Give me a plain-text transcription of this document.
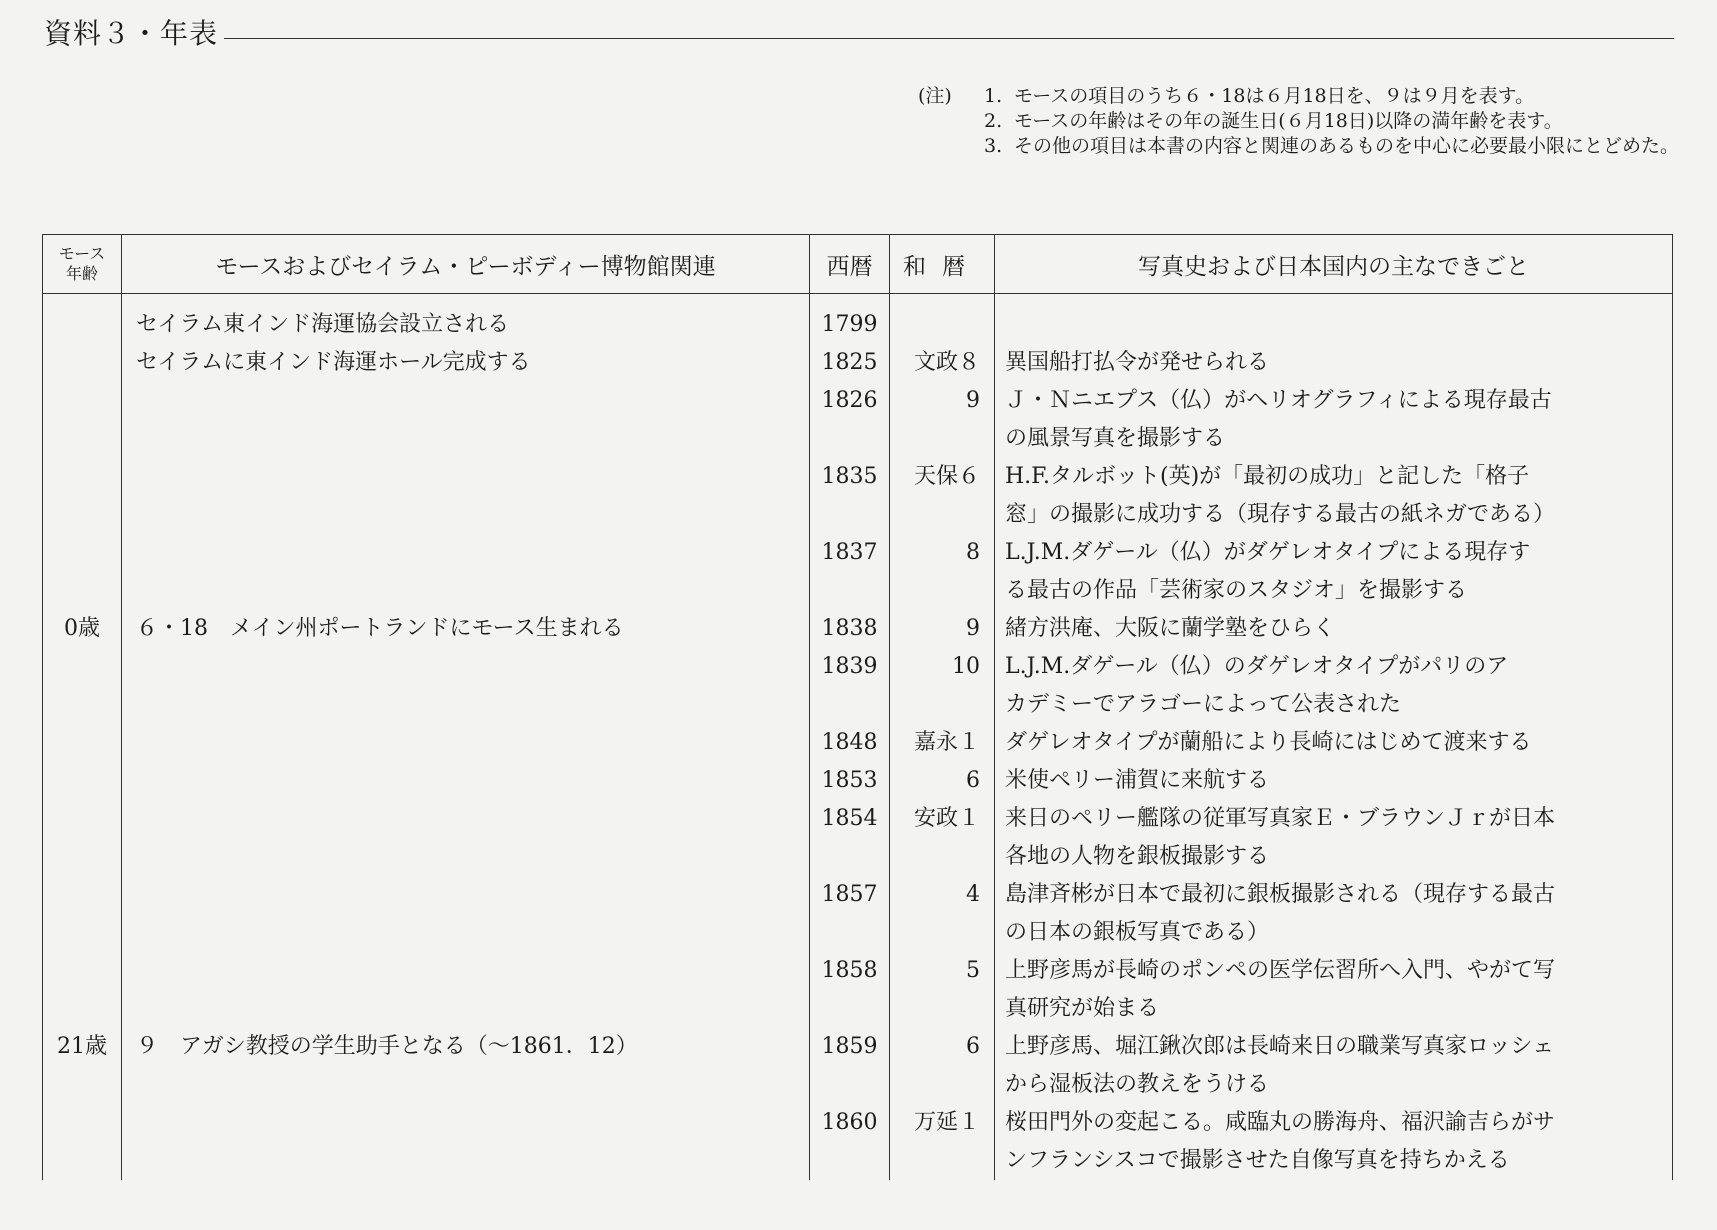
資料３・年表
(注) 1. モースの項目のうち６・18は６月18日を、９は９月を表す。
2. モースの年齢はその年の誕生日(６月18日)以降の満年齢を表す。
3. その他の項目は本書の内容と関連のあるものを中心に必要最小限にとどめた。
モース
年齢	モースおよびセイラム・ピーボディー博物館関連	西暦	和暦	写真史および日本国内の主なできごと

	セイラム東インド海運協会設立される	1799		
	セイラムに東インド海運ホール完成する	1825	文政８	異国船打払令が発せられる

		1826	9	Ｊ・Ｎニエプス（仏）がヘリオグラフィによる現存最古
の風景写真を撮影する

		1835	天保６	H.F.タルボット(英)が「最初の成功」と記した「格子
窓」の撮影に成功する（現存する最古の紙ネガである）

		1837	8	L.J.M.ダゲール（仏）がダゲレオタイプによる現存す
る最古の作品「芸術家のスタジオ」を撮影する

0歳	６・18　メイン州ポートランドにモース生まれる	1838	9	緒方洪庵、大阪に蘭学塾をひらく

		1839	10	L.J.M.ダゲール（仏）のダゲレオタイプがパリのア
カデミーでアラゴーによって公表された

		1848	嘉永１	ダゲレオタイプが蘭船により長崎にはじめて渡来する

		1853	6	米使ペリー浦賀に来航する

		1854	安政１	来日のペリー艦隊の従軍写真家Ｅ・ブラウンＪｒが日本
各地の人物を銀板撮影する

		1857	4	島津斉彬が日本で最初に銀板撮影される（現存する最古
の日本の銀板写真である）

		1858	5	上野彦馬が長崎のポンペの医学伝習所へ入門、やがて写
真研究が始まる

21歳	９　アガシ教授の学生助手となる（～1861．12）	1859	6	上野彦馬、堀江鍬次郎は長崎来日の職業写真家ロッシェ
から湿板法の教えをうける

		1860	万延１	桜田門外の変起こる。咸臨丸の勝海舟、福沢諭吉らがサ
ンフランシスコで撮影させた自像写真を持ちかえる
